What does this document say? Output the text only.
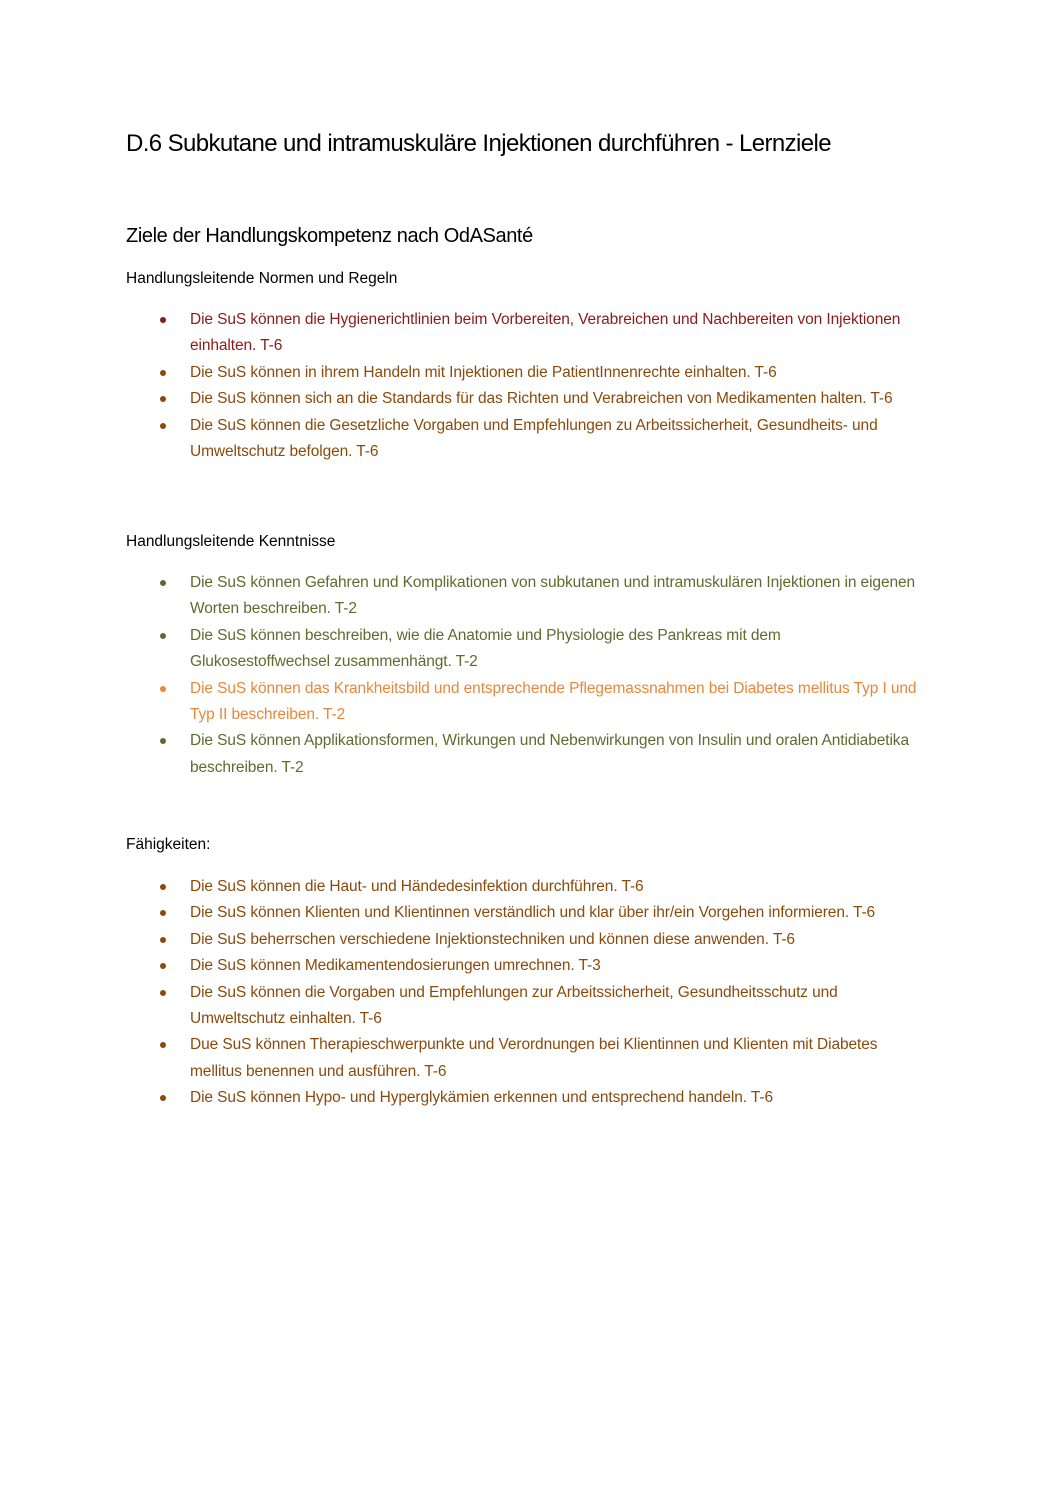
D.6 Subkutane und intramuskuläre Injektionen durchführen - Lernziele
Ziele der Handlungskompetenz nach OdASanté

Handlungsleitende Normen und Regeln

Die SuS können die Hygienerichtlinien beim Vorbereiten, Verabreichen und Nachbereiten von Injektionen einhalten. T-6
Die SuS können in ihrem Handeln mit Injektionen die PatientInnenrechte einhalten. T-6
Die SuS können sich an die Standards für das Richten und Verabreichen von Medikamenten halten. T-6
Die SuS können die Gesetzliche Vorgaben und Empfehlungen zu Arbeitssicherheit, Gesundheits- und Umweltschutz befolgen. T-6

Handlungsleitende Kenntnisse

Die SuS können Gefahren und Komplikationen von subkutanen und intramuskulären Injektionen in eigenen Worten beschreiben. T-2
Die SuS können beschreiben, wie die Anatomie und Physiologie des Pankreas mit dem Glukosestoffwechsel zusammenhängt. T-2
Die SuS können das Krankheitsbild und entsprechende Pflegemassnahmen bei Diabetes mellitus Typ I und Typ II beschreiben. T-2
Die SuS können Applikationsformen, Wirkungen und Nebenwirkungen von Insulin und oralen Antidiabetika beschreiben. T-2

Fähigkeiten:

Die SuS können die Haut- und Händedesinfektion durchführen. T-6
Die SuS können Klienten und Klientinnen verständlich und klar über ihr/ein Vorgehen informieren. T-6
Die SuS beherrschen verschiedene Injektionstechniken und können diese anwenden. T-6
Die SuS können Medikamentendosierungen umrechnen. T-3
Die SuS können die Vorgaben und Empfehlungen zur Arbeitssicherheit, Gesundheitsschutz und Umweltschutz einhalten. T-6
Due SuS können Therapieschwerpunkte und Verordnungen bei Klientinnen und Klienten mit Diabetes mellitus benennen und ausführen. T-6
Die SuS können Hypo- und Hyperglykämien erkennen und entsprechend handeln. T-6
